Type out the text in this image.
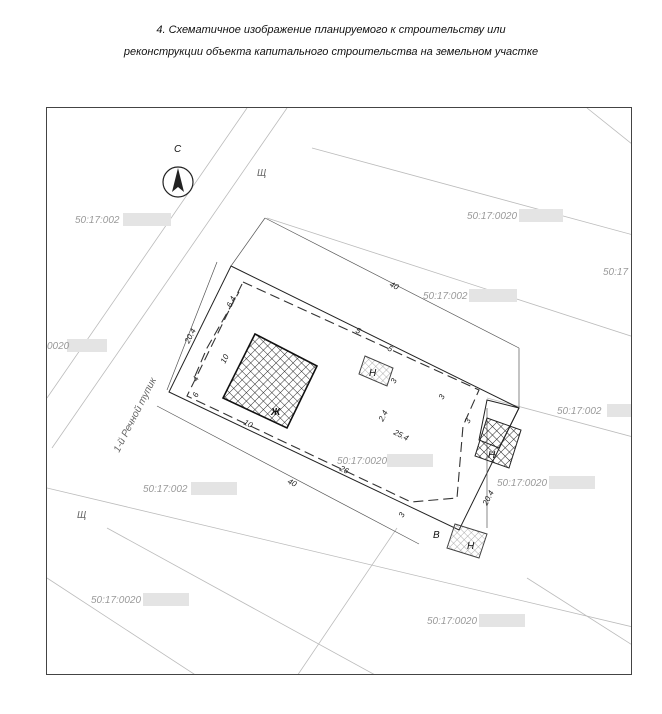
4. Схематичное изображение планируемого к строительству или
реконструкции объекта капитального строительства на земельном участке
50:17:002	50:17:0020
50:17:002
50:17
0020
50:17:002
50:17:0020
50:17:0020
50:17:002
50:17:0020
50:17:0020
С
1-й Речной тупик
Щ
Щ
Ж
Н
Н
Н
В
40
40
26
25.4
20.4
20.4
10
10
6.4
5
5
3
3
3
4
6
2.4
3
